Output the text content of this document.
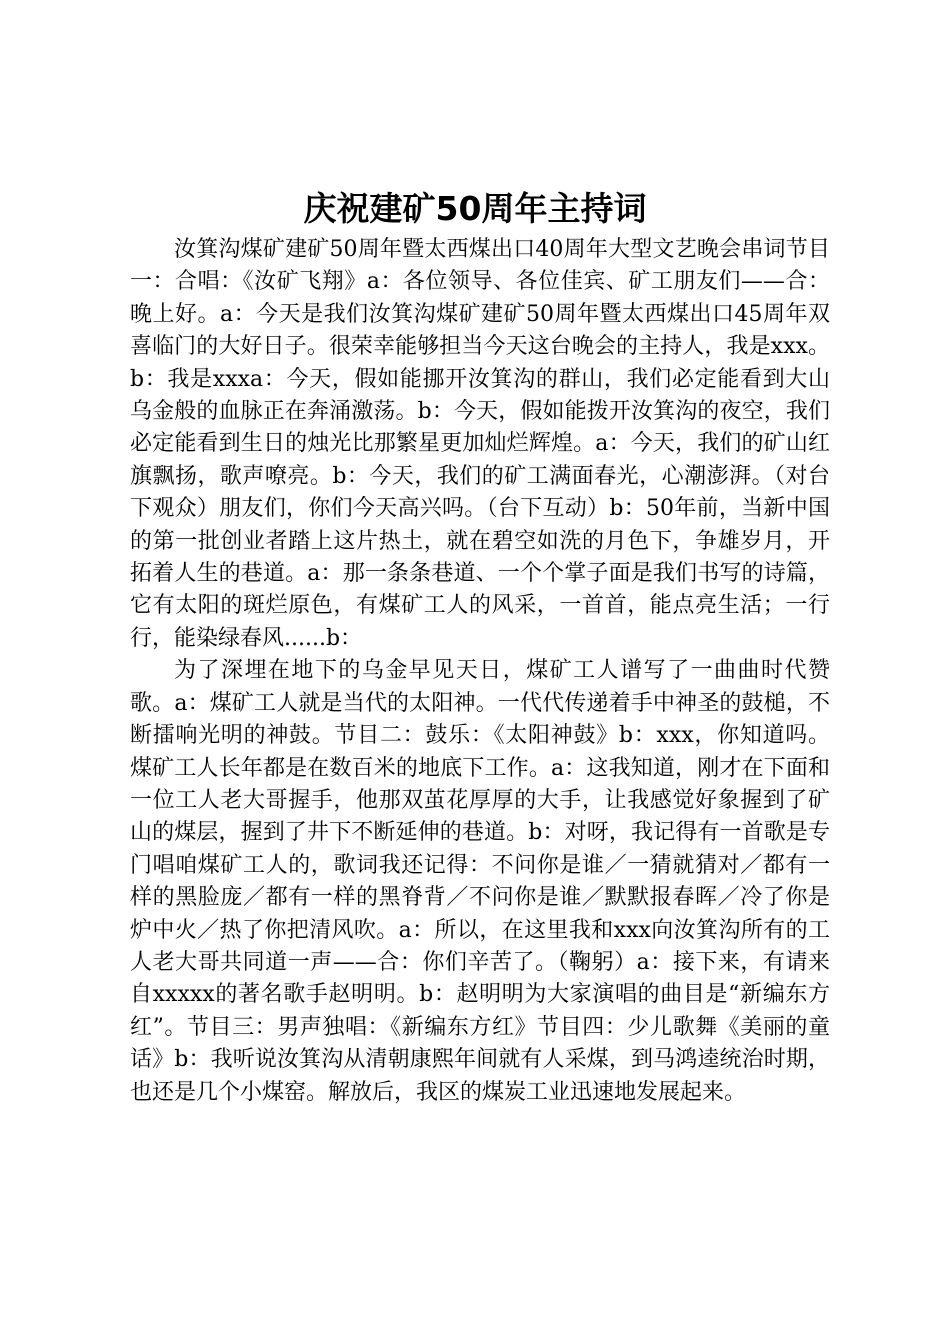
庆祝建矿50周年主持词

汝箕沟煤矿建矿50周年暨太西煤出口40周年大型文艺晚会串词节目一：合唱：《汝矿飞翔》a：各位领导、各位佳宾、矿工朋友们——合：晚上好。a：今天是我们汝箕沟煤矿建矿50周年暨太西煤出口45周年双喜临门的大好日子。很荣幸能够担当今天这台晚会的主持人，我是xxx。b：我是xxxa：今天，假如能挪开汝箕沟的群山，我们必定能看到大山乌金般的血脉正在奔涌激荡。b：今天，假如能拨开汝箕沟的夜空，我们必定能看到生日的烛光比那繁星更加灿烂辉煌。a：今天，我们的矿山红旗飘扬，歌声嘹亮。b：今天，我们的矿工满面春光，心潮澎湃。（对台下观众）朋友们，你们今天高兴吗。（台下互动）b：50年前，当新中国的第一批创业者踏上这片热土，就在碧空如洗的月色下，争雄岁月，开拓着人生的巷道。a：那一条条巷道、一个个掌子面是我们书写的诗篇，它有太阳的斑烂原色，有煤矿工人的风采，一首首，能点亮生活；一行行，能染绿春风......b：

为了深埋在地下的乌金早见天日，煤矿工人谱写了一曲曲时代赞歌。a：煤矿工人就是当代的太阳神。一代代传递着手中神圣的鼓槌，不断擂响光明的神鼓。节目二：鼓乐：《太阳神鼓》b：xxx，你知道吗。煤矿工人长年都是在数百米的地底下工作。a：这我知道，刚才在下面和一位工人老大哥握手，他那双茧花厚厚的大手，让我感觉好象握到了矿山的煤层，握到了井下不断延伸的巷道。b：对呀，我记得有一首歌是专门唱咱煤矿工人的，歌词我还记得：不问你是谁／一猜就猜对／都有一样的黑脸庞／都有一样的黑脊背／不问你是谁／默默报春晖／冷了你是炉中火／热了你把清风吹。a：所以，在这里我和xxx向汝箕沟所有的工人老大哥共同道一声——合：你们辛苦了。（鞠躬）a：接下来，有请来自xxxxx的著名歌手赵明明。b：赵明明为大家演唱的曲目是“新编东方红”。节目三：男声独唱：《新编东方红》节目四：少儿歌舞《美丽的童话》b：我听说汝箕沟从清朝康熙年间就有人采煤，到马鸿逵统治时期，也还是几个小煤窑。解放后，我区的煤炭工业迅速地发展起来。
